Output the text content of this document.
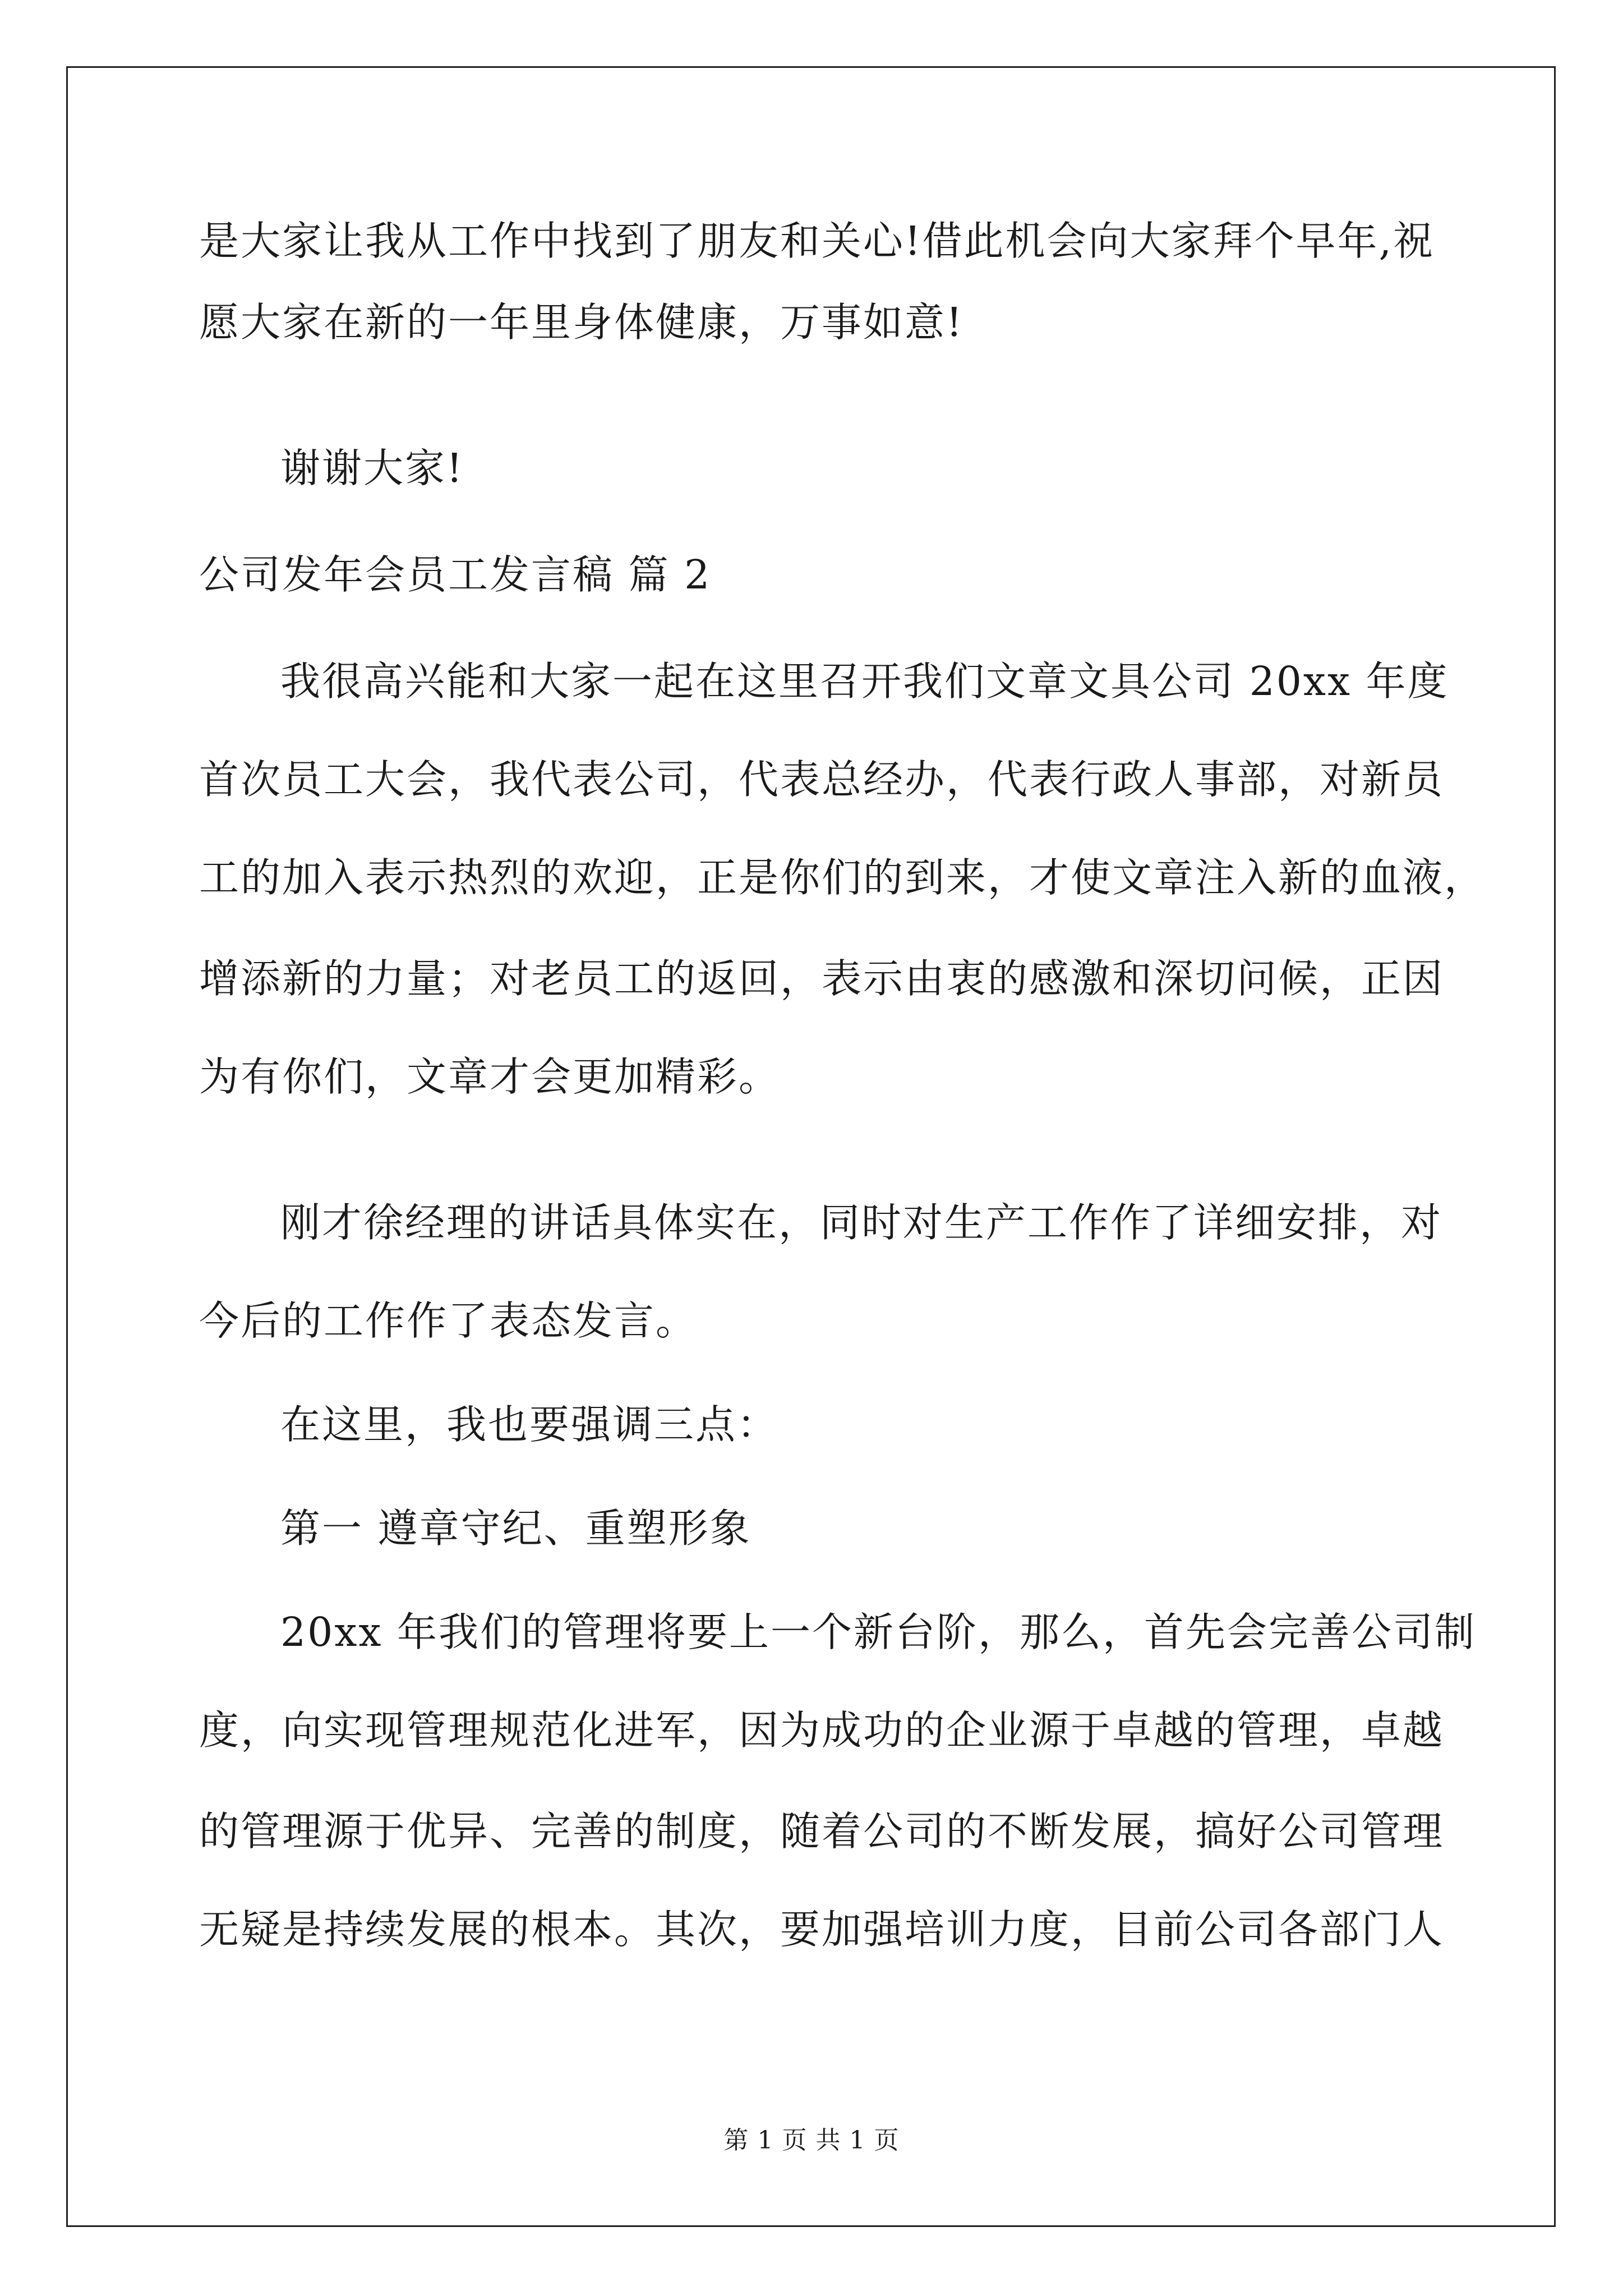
是大家让我从工作中找到了朋友和关心!借此机会向大家拜个早年,祝
愿大家在新的一年里身体健康，万事如意!
谢谢大家!
公司发年会员工发言稿 篇 2
我很高兴能和大家一起在这里召开我们文章文具公司 20xx 年度
首次员工大会，我代表公司，代表总经办，代表行政人事部，对新员
工的加入表示热烈的欢迎，正是你们的到来，才使文章注入新的血液，
增添新的力量；对老员工的返回，表示由衷的感激和深切问候，正因
为有你们，文章才会更加精彩。
刚才徐经理的讲话具体实在，同时对生产工作作了详细安排，对
今后的工作作了表态发言。
在这里，我也要强调三点：
第一 遵章守纪、重塑形象
20xx 年我们的管理将要上一个新台阶，那么，首先会完善公司制
度，向实现管理规范化进军，因为成功的企业源于卓越的管理，卓越
的管理源于优异、完善的制度，随着公司的不断发展，搞好公司管理
无疑是持续发展的根本。其次，要加强培训力度，目前公司各部门人
第 1 页 共 1 页
